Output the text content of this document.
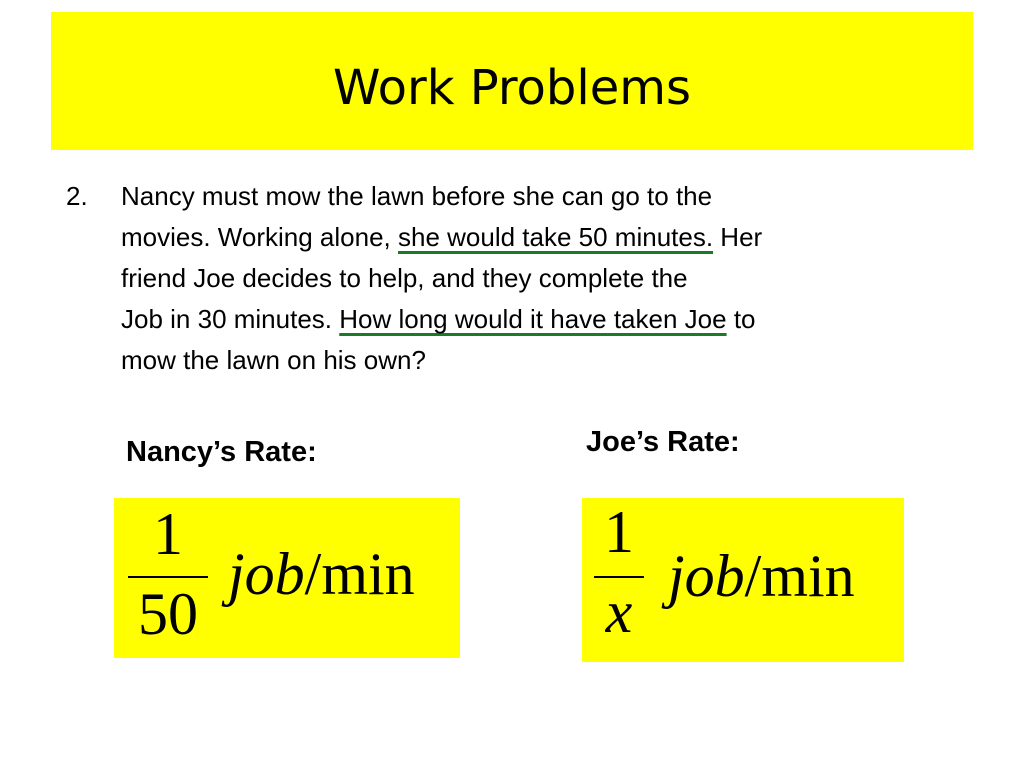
Work Problems
2. Nancy must mow the lawn before she can go to the
movies. Working alone, she would take 50 minutes. Her
friend Joe decides to help, and they complete the
Job in 30 minutes. How long would it have taken Joe to
mow the lawn on his own?
Nancy’s Rate:	Joe’s Rate:
1
50
job/min
1
x
job/min
